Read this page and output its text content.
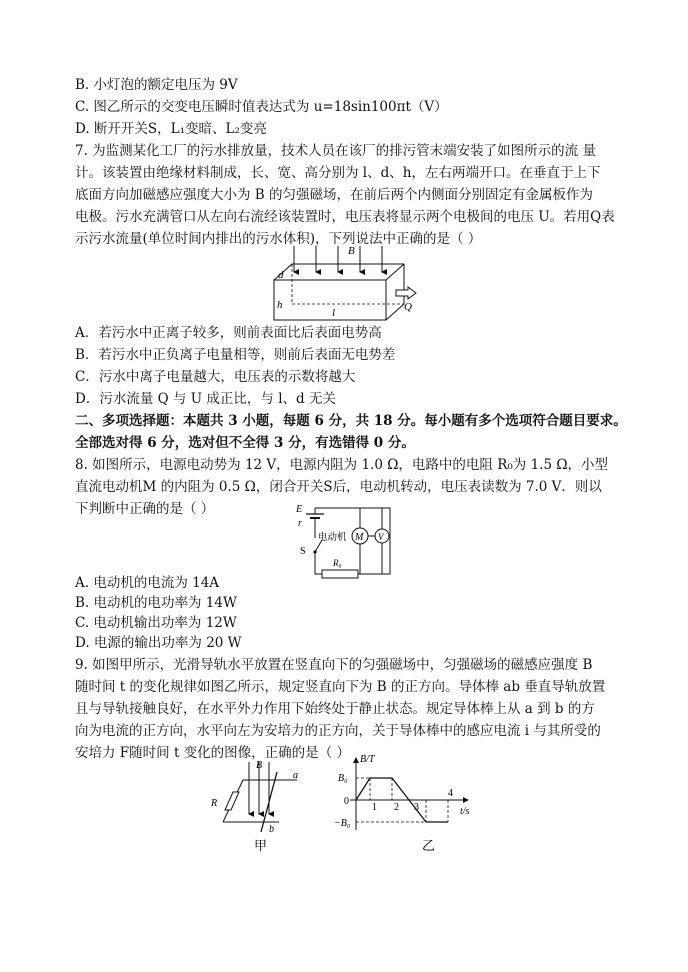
B. 小灯泡的额定电压为 9V
C. 图乙所示的交变电压瞬时值表达式为 u=18sin100πt（V）
D. 断开开关S，L₁变暗、L₂变亮
7. 为监测某化工厂的污水排放量，技术人员在该厂的排污管末端安装了如图所示的流 量
计。该装置由绝缘材料制成，长、宽、高分别为 l、d、h，左右两端开口。在垂直于上下
底面方向加磁感应强度大小为 B 的匀强磁场，在前后两个内侧面分别固定有金属板作为
电极。污水充满管口从左向右流经该装置时，电压表将显示两个电极间的电压 U。若用Q表
示污水流量(单位时间内排出的污水体积)，下列说法中正确的是（ ）
B
d
h
l	Q
A．若污水中正离子较多，则前表面比后表面电势高
B．若污水中正负离子电量相等，则前后表面无电势差
C．污水中离子电量越大，电压表的示数将越大
D．污水流量 Q 与 U 成正比，与 l、d 无关
二、多项选择题：本题共 3 小题，每题 6 分，共 18 分。每小题有多个选项符合题目要求。
全部选对得 6 分，选对但不全得 3 分，有选错得 0 分。
8. 如图所示，电源电动势为 12 V，电源内阻为 1.0 Ω，电路中的电阻 R₀为 1.5 Ω，小型
直流电动机M 的内阻为 0.5 Ω，闭合开关S后，电动机转动，电压表读数为 7.0 V．则以
下判断中正确的是（ ）	E
r
S
电动机 M V
R₀
A. 电动机的电流为 14A
B. 电动机的电功率为 14W
C. 电动机输出功率为 12W
D. 电源的输出功率为 20 W
9. 如图甲所示，光滑导轨水平放置在竖直向下的匀强磁场中，匀强磁场的磁感应强度 B
随时间 t 的变化规律如图乙所示，规定竖直向下为 B 的正方向。导体棒 ab 垂直导轨放置
且与导轨接触良好，在水平外力作用下始终处于静止状态。规定导体棒上从 a 到 b 的方
向为电流的正方向，水平向左为安培力的正方向，关于导体棒中的感应电流 i 与其所受的
安培力 F随时间 t 变化的图像，正确的是（ ）
B
a
b
R
甲
B/T
t/s
B₀
0
−B₀
1 2 3
4
乙
